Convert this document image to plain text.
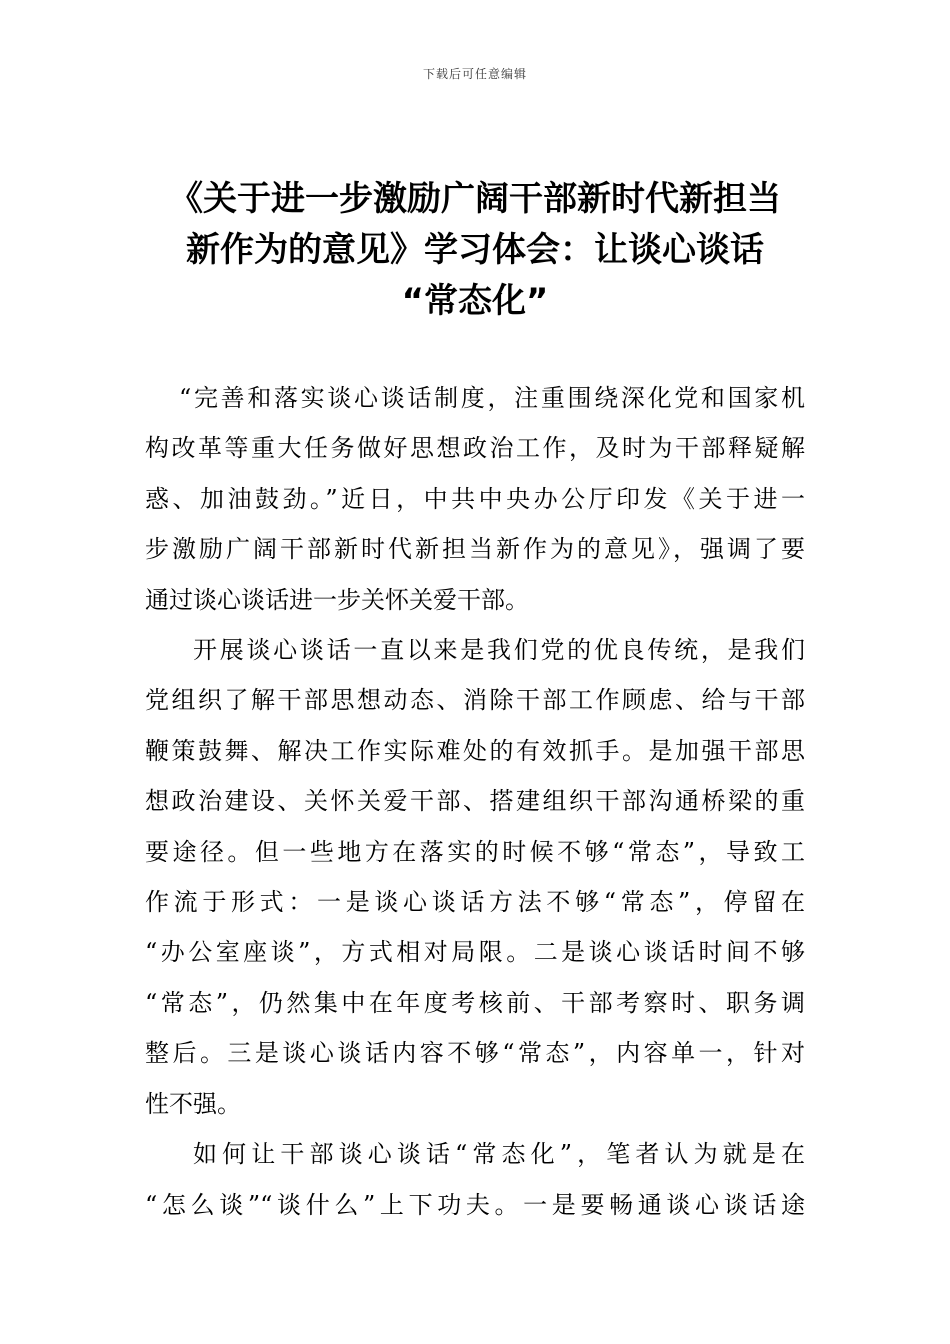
下载后可任意编辑
《关于进一步激励广阔干部新时代新担当
新作为的意见》学习体会：让谈心谈话
“常态化”

“完善和落实谈心谈话制度，注重围绕深化党和国家机
构改革等重大任务做好思想政治工作，及时为干部释疑解
惑、加油鼓劲。”近日，中共中央办公厅印发《关于进一
步激励广阔干部新时代新担当新作为的意见》，强调了要
通过谈心谈话进一步关怀关爱干部。

开展谈心谈话一直以来是我们党的优良传统，是我们
党组织了解干部思想动态、消除干部工作顾虑、给与干部
鞭策鼓舞、解决工作实际难处的有效抓手。是加强干部思
想政治建设、关怀关爱干部、搭建组织干部沟通桥梁的重
要途径。但一些地方在落实的时候不够“常态”，导致工
作流于形式：一是谈心谈话方法不够“常态”，停留在
“办公室座谈”，方式相对局限。二是谈心谈话时间不够
“常态”，仍然集中在年度考核前、干部考察时、职务调
整后。三是谈心谈话内容不够“常态”，内容单一，针对
性不强。

如何让干部谈心谈话“常态化”，笔者认为就是在
“怎么谈”“谈什么”上下功夫。一是要畅通谈心谈话途
